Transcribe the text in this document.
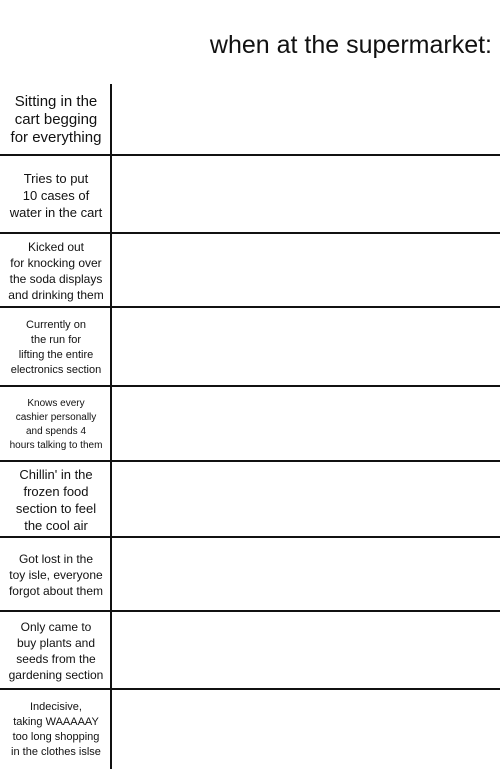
when at the supermarket:
Sitting in the
cart begging
for everything
Tries to put
10 cases of
water in the cart
Kicked out
for knocking over
the soda displays
and drinking them
Currently on
the run for
lifting the entire
electronics section
Knows every
cashier personally
and spends 4
hours talking to them
Chillin' in the
frozen food
section to feel
the cool air
Got lost in the
toy isle, everyone
forgot about them
Only came to
buy plants and
seeds from the
gardening section
Indecisive,
taking WAAAAAY
too long shopping
in the clothes islse
